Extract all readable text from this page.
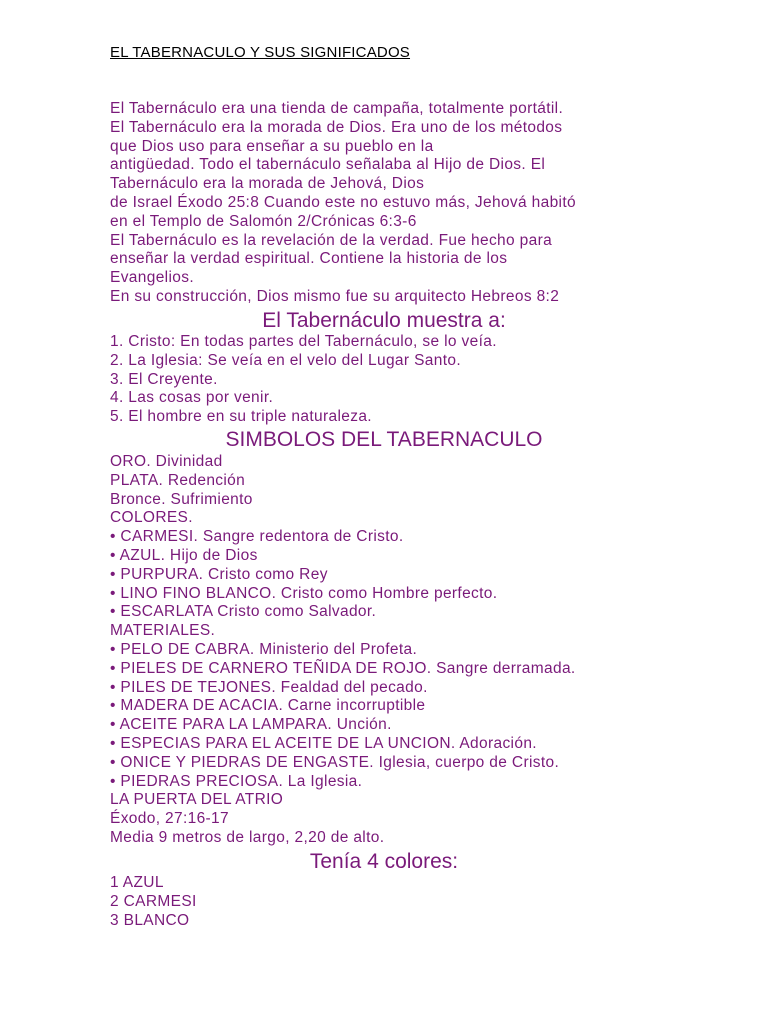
EL TABERNACULO Y SUS SIGNIFICADOS
El Tabernáculo era una tienda de campaña, totalmente portátil.
El Tabernáculo era la morada de Dios. Era uno de los métodos
que Dios uso para enseñar a su pueblo en la
antigüedad. Todo el tabernáculo señalaba al Hijo de Dios. El
Tabernáculo era la morada de Jehová, Dios
de Israel Éxodo 25:8 Cuando este no estuvo más, Jehová habitó
en el Templo de Salomón 2/Crónicas 6:3-6
El Tabernáculo es la revelación de la verdad. Fue hecho para
enseñar la verdad espiritual. Contiene la historia de los
Evangelios.
En su construcción, Dios mismo fue su arquitecto Hebreos 8:2
El Tabernáculo muestra a:
1. Cristo: En todas partes del Tabernáculo, se lo veía.
2. La Iglesia: Se veía en el velo del Lugar Santo.
3. El Creyente.
4. Las cosas por venir.
5. El hombre en su triple naturaleza.
SIMBOLOS DEL TABERNACULO
ORO. Divinidad
PLATA. Redención
Bronce. Sufrimiento
COLORES.
• CARMESI. Sangre redentora de Cristo.
• AZUL. Hijo de Dios
• PURPURA. Cristo como Rey
• LINO FINO BLANCO. Cristo como Hombre perfecto.
• ESCARLATA Cristo como Salvador.
MATERIALES.
• PELO DE CABRA. Ministerio del Profeta.
• PIELES DE CARNERO TEÑIDA DE ROJO. Sangre derramada.
• PILES DE TEJONES. Fealdad del pecado.
• MADERA DE ACACIA. Carne incorruptible
• ACEITE PARA LA LAMPARA. Unción.
• ESPECIAS PARA EL ACEITE DE LA UNCION. Adoración.
• ONICE Y PIEDRAS DE ENGASTE. Iglesia, cuerpo de Cristo.
• PIEDRAS PRECIOSA. La Iglesia.
LA PUERTA DEL ATRIO
Éxodo, 27:16-17
Media 9 metros de largo, 2,20 de alto.
Tenía 4 colores:
1 AZUL
2 CARMESI
3 BLANCO
